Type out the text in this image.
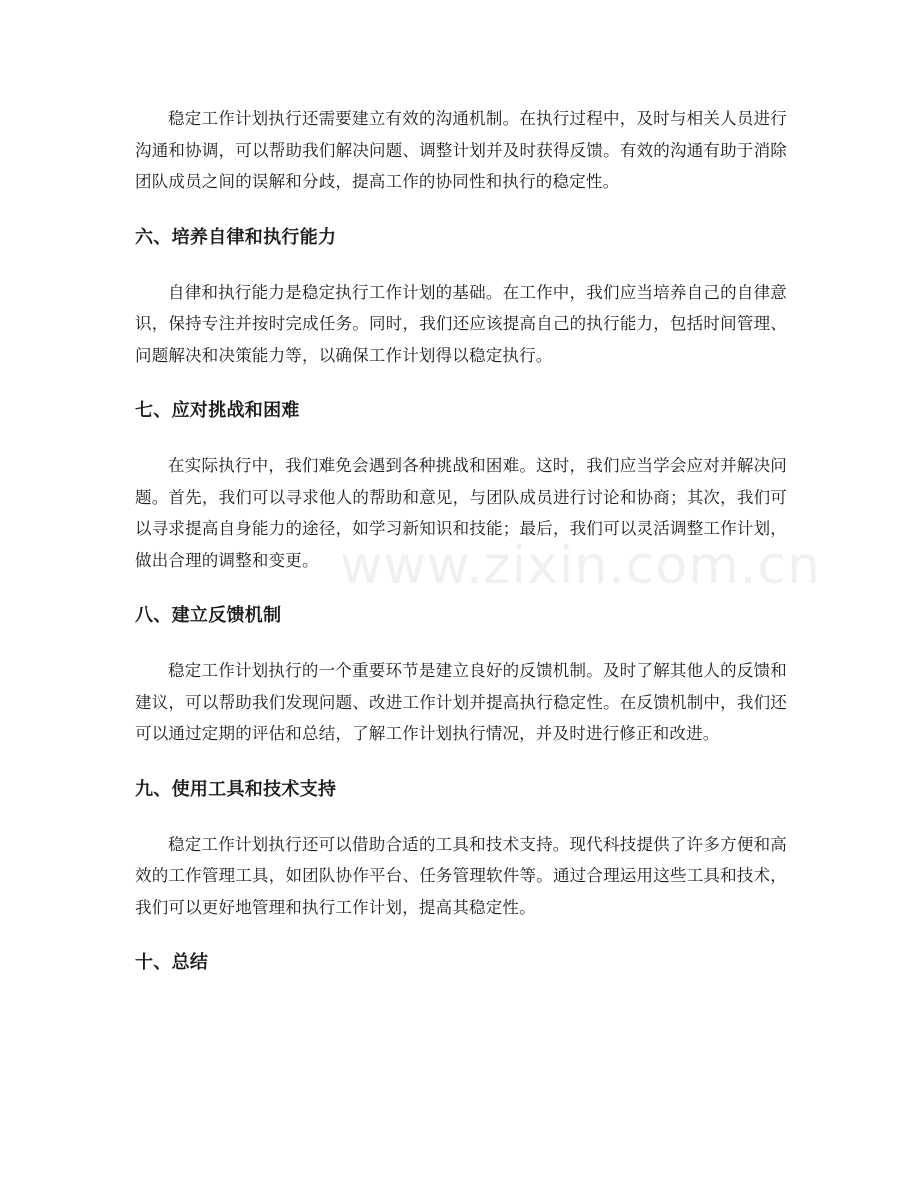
稳定工作计划执行还需要建立有效的沟通机制。在执行过程中，及时与相关人员进行沟通和协调，可以帮助我们解决问题、调整计划并及时获得反馈。有效的沟通有助于消除团队成员之间的误解和分歧，提高工作的协同性和执行的稳定性。

六、培养自律和执行能力

自律和执行能力是稳定执行工作计划的基础。在工作中，我们应当培养自己的自律意识，保持专注并按时完成任务。同时，我们还应该提高自己的执行能力，包括时间管理、问题解决和决策能力等，以确保工作计划得以稳定执行。

七、应对挑战和困难

在实际执行中，我们难免会遇到各种挑战和困难。这时，我们应当学会应对并解决问题。首先，我们可以寻求他人的帮助和意见，与团队成员进行讨论和协商；其次，我们可以寻求提高自身能力的途径，如学习新知识和技能；最后，我们可以灵活调整工作计划，做出合理的调整和变更。

八、建立反馈机制

稳定工作计划执行的一个重要环节是建立良好的反馈机制。及时了解其他人的反馈和建议，可以帮助我们发现问题、改进工作计划并提高执行稳定性。在反馈机制中，我们还可以通过定期的评估和总结，了解工作计划执行情况，并及时进行修正和改进。

九、使用工具和技术支持

稳定工作计划执行还可以借助合适的工具和技术支持。现代科技提供了许多方便和高效的工作管理工具，如团队协作平台、任务管理软件等。通过合理运用这些工具和技术，我们可以更好地管理和执行工作计划，提高其稳定性。

十、总结
www.zixin.com.cn
